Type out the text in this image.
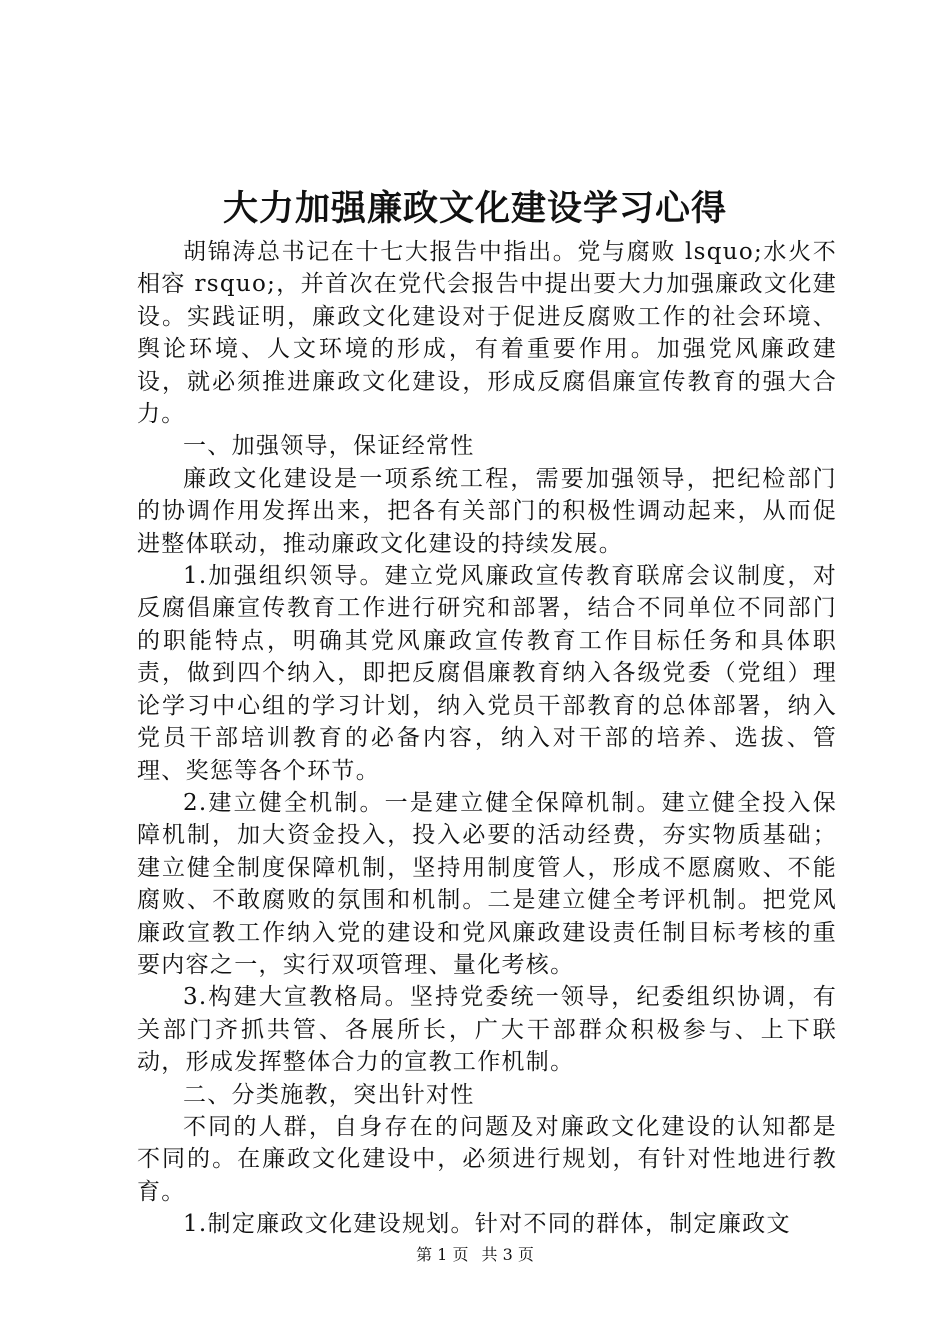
大力加强廉政文化建设学习心得

胡锦涛总书记在十七大报告中指出。党与腐败 lsquo;水火不相容 rsquo;，并首次在党代会报告中提出要大力加强廉政文化建设。实践证明，廉政文化建设对于促进反腐败工作的社会环境、舆论环境、人文环境的形成，有着重要作用。加强党风廉政建设，就必须推进廉政文化建设，形成反腐倡廉宣传教育的强大合力。

一、加强领导，保证经常性

廉政文化建设是一项系统工程，需要加强领导，把纪检部门的协调作用发挥出来，把各有关部门的积极性调动起来，从而促进整体联动，推动廉政文化建设的持续发展。

1.加强组织领导。建立党风廉政宣传教育联席会议制度，对反腐倡廉宣传教育工作进行研究和部署，结合不同单位不同部门的职能特点，明确其党风廉政宣传教育工作目标任务和具体职责，做到四个纳入，即把反腐倡廉教育纳入各级党委（党组）理论学习中心组的学习计划，纳入党员干部教育的总体部署，纳入党员干部培训教育的必备内容，纳入对干部的培养、选拔、管理、奖惩等各个环节。

2.建立健全机制。一是建立健全保障机制。建立健全投入保障机制，加大资金投入，投入必要的活动经费，夯实物质基础；建立健全制度保障机制，坚持用制度管人，形成不愿腐败、不能腐败、不敢腐败的氛围和机制。二是建立健全考评机制。把党风廉政宣教工作纳入党的建设和党风廉政建设责任制目标考核的重要内容之一，实行双项管理、量化考核。

3.构建大宣教格局。坚持党委统一领导，纪委组织协调，有关部门齐抓共管、各展所长，广大干部群众积极参与、上下联动，形成发挥整体合力的宣教工作机制。

二、分类施教，突出针对性

不同的人群，自身存在的问题及对廉政文化建设的认知都是不同的。在廉政文化建设中，必须进行规划，有针对性地进行教育。

1.制定廉政文化建设规划。针对不同的群体，制定廉政文

第 1 页 共 3 页
